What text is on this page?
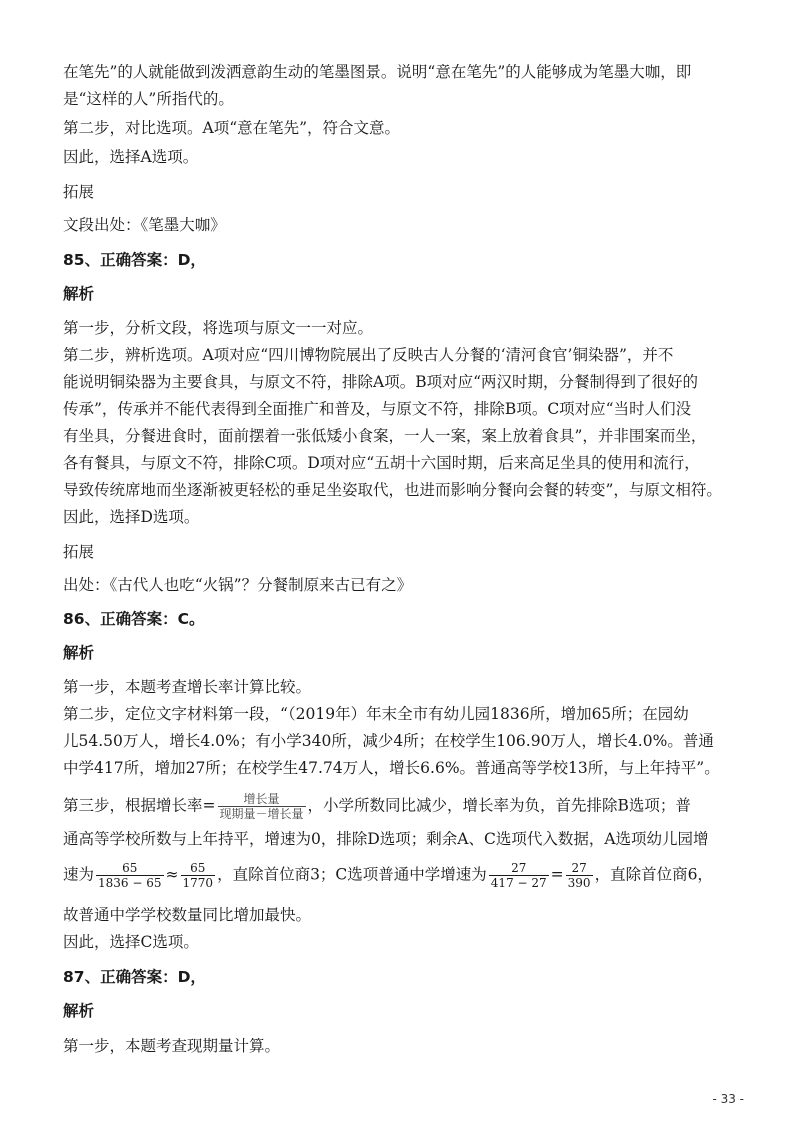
在笔先”的人就能做到泼洒意韵生动的笔墨图景。说明“意在笔先”的人能够成为笔墨大咖，即
是“这样的人”所指代的。
第二步，对比选项。A项“意在笔先”，符合文意。
因此，选择A选项。
拓展
文段出处：《笔墨大咖》
85、正确答案：D，
解析
第一步，分析文段，将选项与原文一一对应。
第二步，辨析选项。A项对应“四川博物院展出了反映古人分餐的‘清河食官’铜染器”，并不
能说明铜染器为主要食具，与原文不符，排除A项。B项对应“两汉时期，分餐制得到了很好的
传承”，传承并不能代表得到全面推广和普及，与原文不符，排除B项。C项对应“当时人们没
有坐具，分餐进食时，面前摆着一张低矮小食案，一人一案，案上放着食具”，并非围案而坐，
各有餐具，与原文不符，排除C项。D项对应“五胡十六国时期，后来高足坐具的使用和流行，
导致传统席地而坐逐渐被更轻松的垂足坐姿取代，也进而影响分餐向会餐的转变”，与原文相符。
因此，选择D选项。
拓展
出处：《古代人也吃“火锅”？分餐制原来古已有之》
86、正确答案：C。
解析
第一步，本题考查增长率计算比较。
第二步，定位文字材料第一段，“（2019年）年末全市有幼儿园1836所，增加65所；在园幼
儿54.50万人，增长4.0%；有小学340所，减少4所；在校学生106.90万人，增长4.0%。普通
中学417所，增加27所；在校学生47.74万人，增长6.6%。普通高等学校13所，与上年持平”。
第三步，根据增长率= $\frac{\text{增长量}}{\text{现期量－增长量}}$ ，小学所数同比减少，增长率为负，首先排除B选项；普
通高等学校所数与上年持平，增速为0，排除D选项；剩余A、C选项代入数据，A选项幼儿园增
速为 $\frac{65}{1836 - 65} \approx \frac{65}{1770}$ ，直除首位商3；C选项普通中学增速为 $\frac{27}{417 - 27} = \frac{27}{390}$ ，直除首位商6，
故普通中学学校数量同比增加最快。
因此，选择C选项。
87、正确答案：D，
解析
第一步，本题考查现期量计算。
- 33 -
